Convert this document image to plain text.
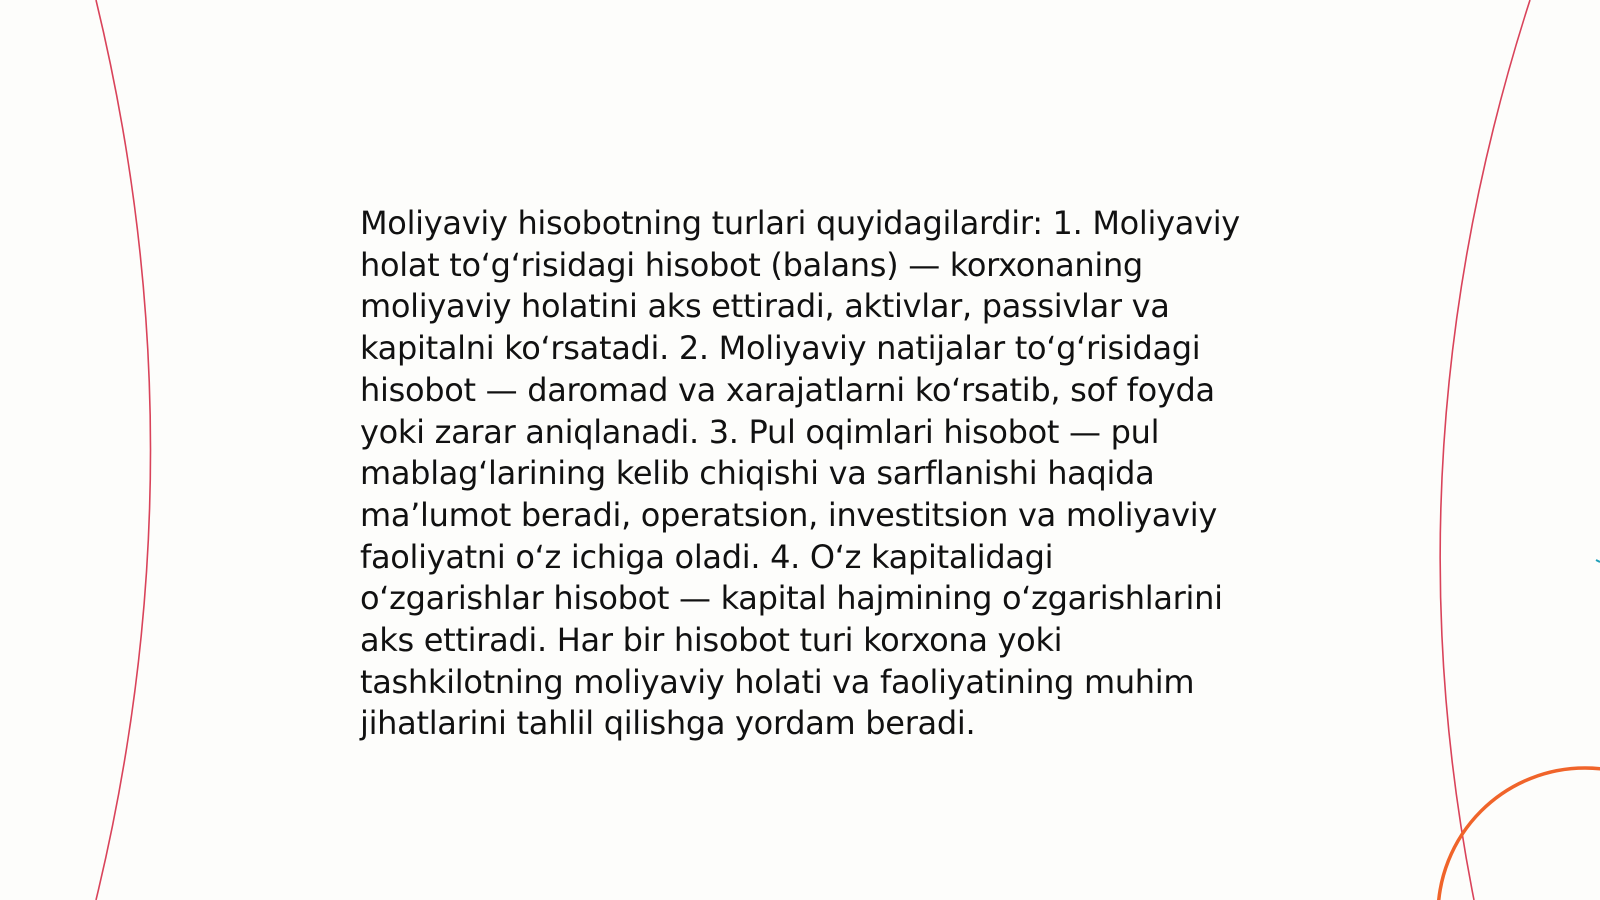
Moliyaviy hisobotning turlari quyidagilardir: 1. Moliyaviy holat to‘g‘risidagi hisobot (balans) — korxonaning moliyaviy holatini aks ettiradi, aktivlar, passivlar va kapitalni ko‘rsatadi. 2. Moliyaviy natijalar to‘g‘risidagi hisobot — daromad va xarajatlarni ko‘rsatib, sof foyda yoki zarar aniqlanadi. 3. Pul oqimlari hisobot — pul mablag‘larining kelib chiqishi va sarflanishi haqida ma’lumot beradi, operatsion, investitsion va moliyaviy faoliyatni o‘z ichiga oladi. 4. O‘z kapitalidagi o‘zgarishlar hisobot — kapital hajmining o‘zgarishlarini aks ettiradi. Har bir hisobot turi korxona yoki tashkilotning moliyaviy holati va faoliyatining muhim jihatlarini tahlil qilishga yordam beradi.
